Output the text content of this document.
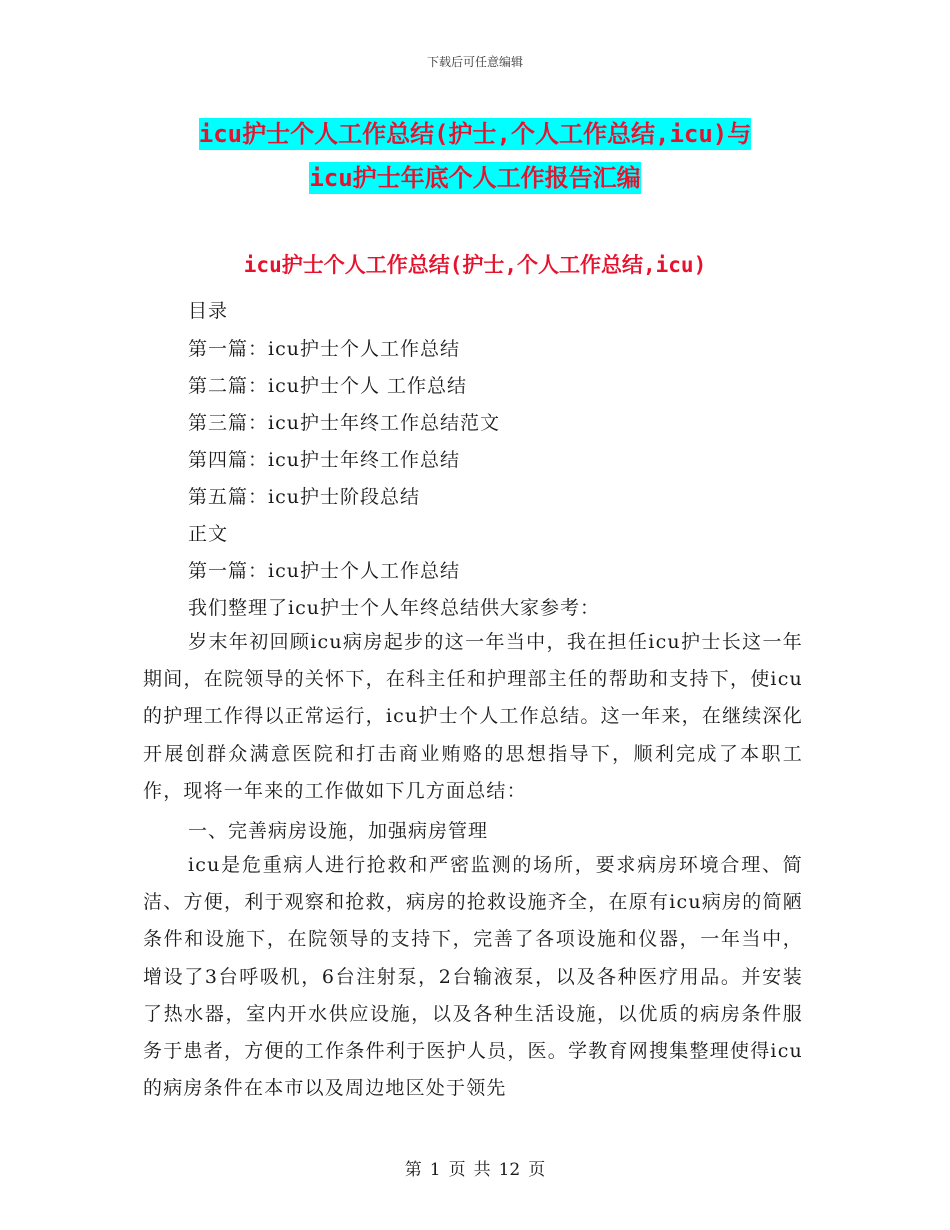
下载后可任意编辑
icu护士个人工作总结(护士,个人工作总结,icu)与
icu护士年底个人工作报告汇编
icu护士个人工作总结(护士,个人工作总结,icu)
目录
第一篇：icu护士个人工作总结
第二篇：icu护士个人 工作总结
第三篇：icu护士年终工作总结范文
第四篇：icu护士年终工作总结
第五篇：icu护士阶段总结
正文
第一篇：icu护士个人工作总结
我们整理了icu护士个人年终总结供大家参考：
岁末年初回顾icu病房起步的这一年当中，我在担任icu护士长这一年期间，在院领导的关怀下，在科主任和护理部主任的帮助和支持下，使icu的护理工作得以正常运行，icu护士个人工作总结。这一年来，在继续深化开展创群众满意医院和打击商业贿赂的思想指导下，顺利完成了本职工作，现将一年来的工作做如下几方面总结：
一、完善病房设施，加强病房管理
icu是危重病人进行抢救和严密监测的场所，要求病房环境合理、简洁、方便，利于观察和抢救，病房的抢救设施齐全，在原有icu病房的简陋条件和设施下，在院领导的支持下，完善了各项设施和仪器，一年当中，增设了3台呼吸机，6台注射泵，2台输液泵，以及各种医疗用品。并安装了热水器，室内开水供应设施，以及各种生活设施，以优质的病房条件服务于患者，方便的工作条件利于医护人员，医。学教育网搜集整理使得icu的病房条件在本市以及周边地区处于领先
第 1 页 共 12 页
